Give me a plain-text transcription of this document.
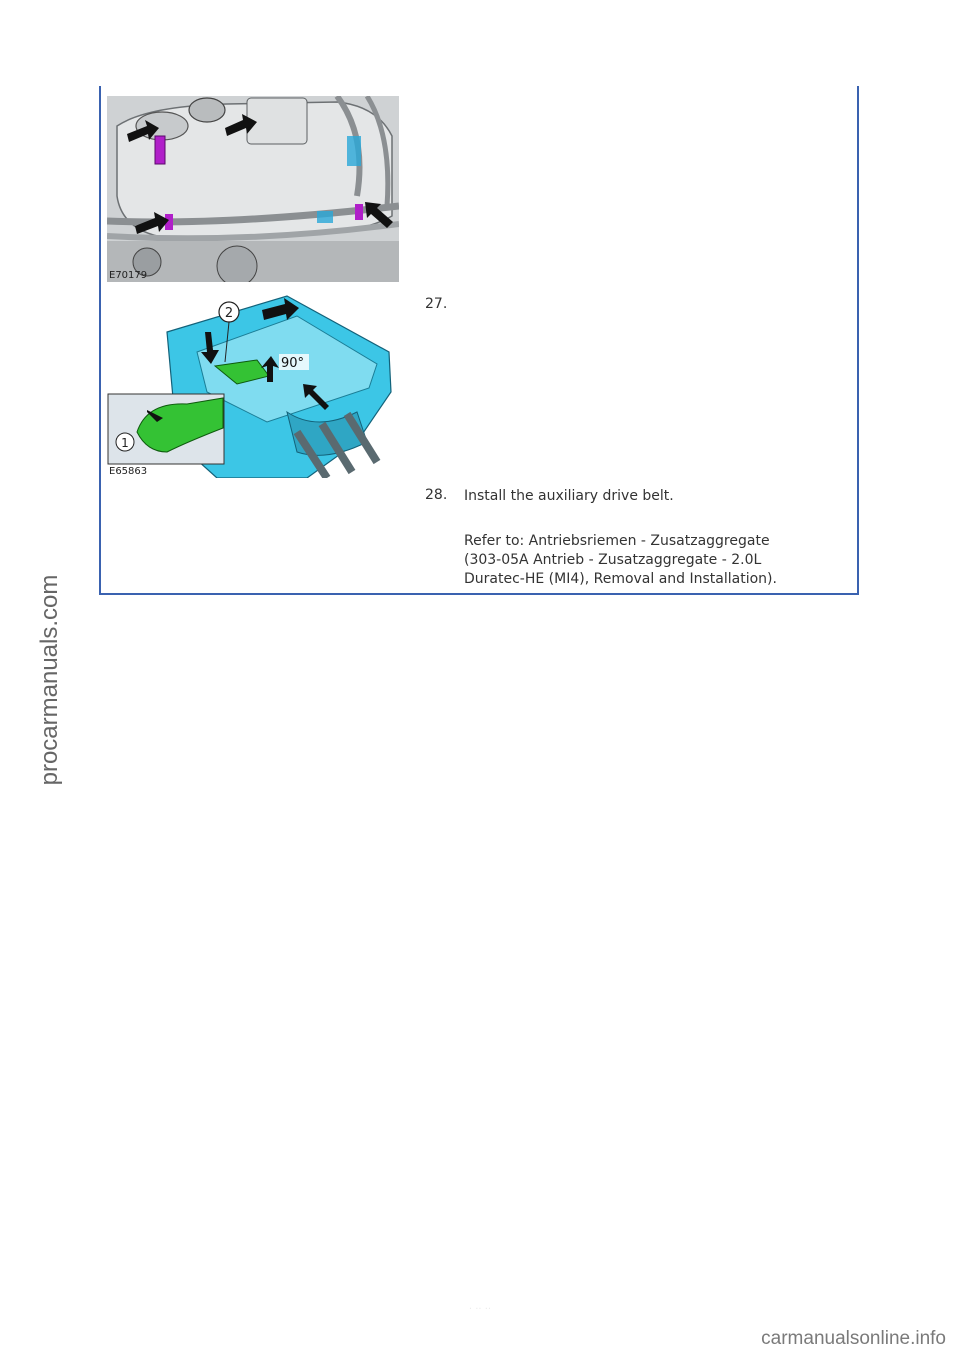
E70179
2
90°
1
E65863
27.
28. Install the auxiliary drive belt.
Refer to: Antriebsriemen - Zusatzaggregate
(303-05A Antrieb - Zusatzaggregate - 2.0L
Duratec-HE (MI4), Removal and Installation).
procarmanuals.com
· ·· ··
carmanualsonline.info
